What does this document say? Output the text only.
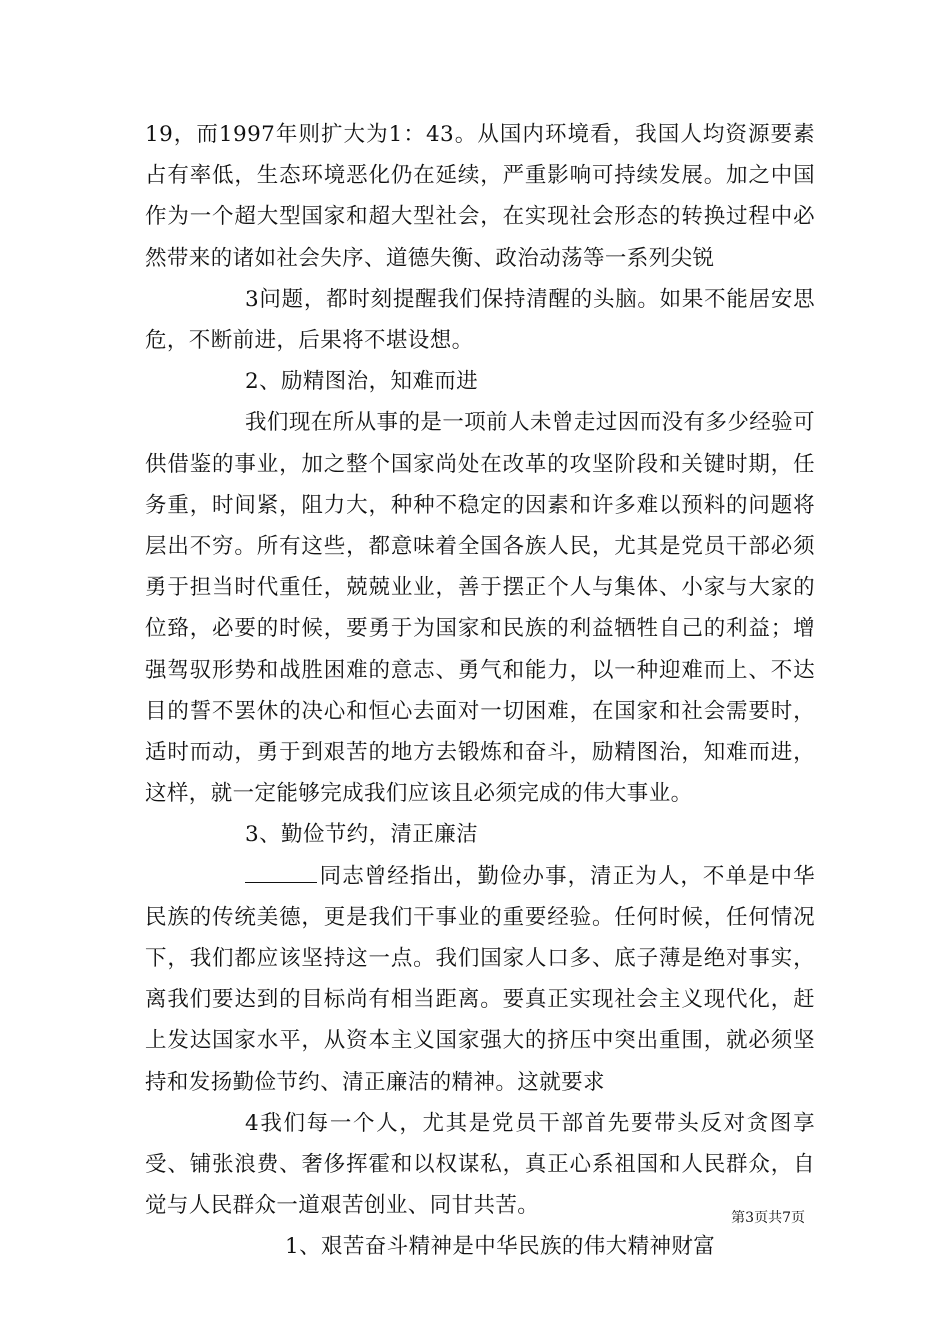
19，而1997年则扩大为1：43。从国内环境看，我国人均资源要素占有率低，生态环境恶化仍在延续，严重影响可持续发展。加之中国作为一个超大型国家和超大型社会，在实现社会形态的转换过程中必然带来的诸如社会失序、道德失衡、政治动荡等一系列尖锐

3问题，都时刻提醒我们保持清醒的头脑。如果不能居安思危，不断前进，后果将不堪设想。

2、励精图治，知难而进

我们现在所从事的是一项前人未曾走过因而没有多少经验可供借鉴的事业，加之整个国家尚处在改革的攻坚阶段和关键时期，任务重，时间紧，阻力大，种种不稳定的因素和许多难以预料的问题将层出不穷。所有这些，都意味着全国各族人民，尤其是党员干部必须勇于担当时代重任，兢兢业业，善于摆正个人与集体、小家与大家的位臵，必要的时候，要勇于为国家和民族的利益牺牲自己的利益；增强驾驭形势和战胜困难的意志、勇气和能力，以一种迎难而上、不达目的誓不罢休的决心和恒心去面对一切困难，在国家和社会需要时，适时而动，勇于到艰苦的地方去锻炼和奋斗，励精图治，知难而进，这样，就一定能够完成我们应该且必须完成的伟大事业。

3、勤俭节约，清正廉洁

同志曾经指出，勤俭办事，清正为人，不单是中华民族的传统美德，更是我们干事业的重要经验。任何时候，任何情况下，我们都应该坚持这一点。我们国家人口多、底子薄是绝对事实，离我们要达到的目标尚有相当距离。要真正实现社会主义现代化，赶上发达国家水平，从资本主义国家强大的挤压中突出重围，就必须坚持和发扬勤俭节约、清正廉洁的精神。这就要求

4我们每一个人，尤其是党员干部首先要带头反对贪图享受、铺张浪费、奢侈挥霍和以权谋私，真正心系祖国和人民群众，自觉与人民群众一道艰苦创业、同甘共苦。

1、艰苦奋斗精神是中华民族的伟大精神财富

第3页共7页
